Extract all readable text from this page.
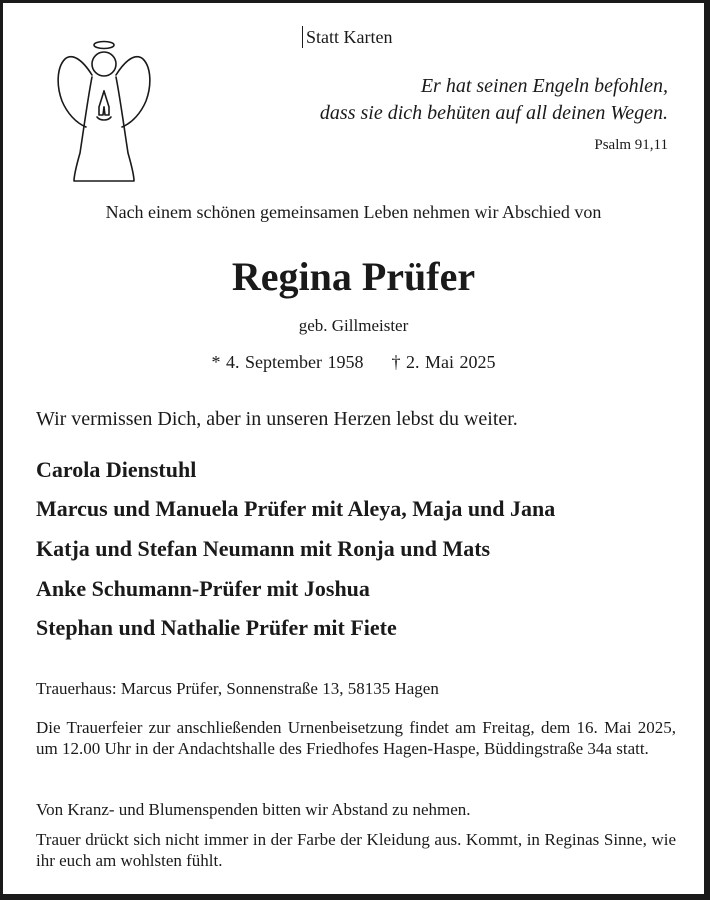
Statt Karten
Er hat seinen Engeln befohlen,
dass sie dich behüten auf all deinen Wegen.
Psalm 91,11
Nach einem schönen gemeinsamen Leben nehmen wir Abschied von
Regina Prüfer
geb. Gillmeister
* 4. September 1958 † 2. Mai 2025
Wir vermissen Dich, aber in unseren Herzen lebst du weiter.
Carola Dienstuhl
Marcus und Manuela Prüfer mit Aleya, Maja und Jana
Katja und Stefan Neumann mit Ronja und Mats
Anke Schumann-Prüfer mit Joshua
Stephan und Nathalie Prüfer mit Fiete
Trauerhaus: Marcus Prüfer, Sonnenstraße 13, 58135 Hagen
Die Trauerfeier zur anschließenden Urnenbeisetzung findet am Freitag, dem 16. Mai 2025, um 12.00 Uhr in der Andachtshalle des Friedhofes Hagen-Haspe, Büddingstraße 34a statt.
Von Kranz- und Blumenspenden bitten wir Abstand zu nehmen.
Trauer drückt sich nicht immer in der Farbe der Kleidung aus. Kommt, in Reginas Sinne, wie ihr euch am wohlsten fühlt.
